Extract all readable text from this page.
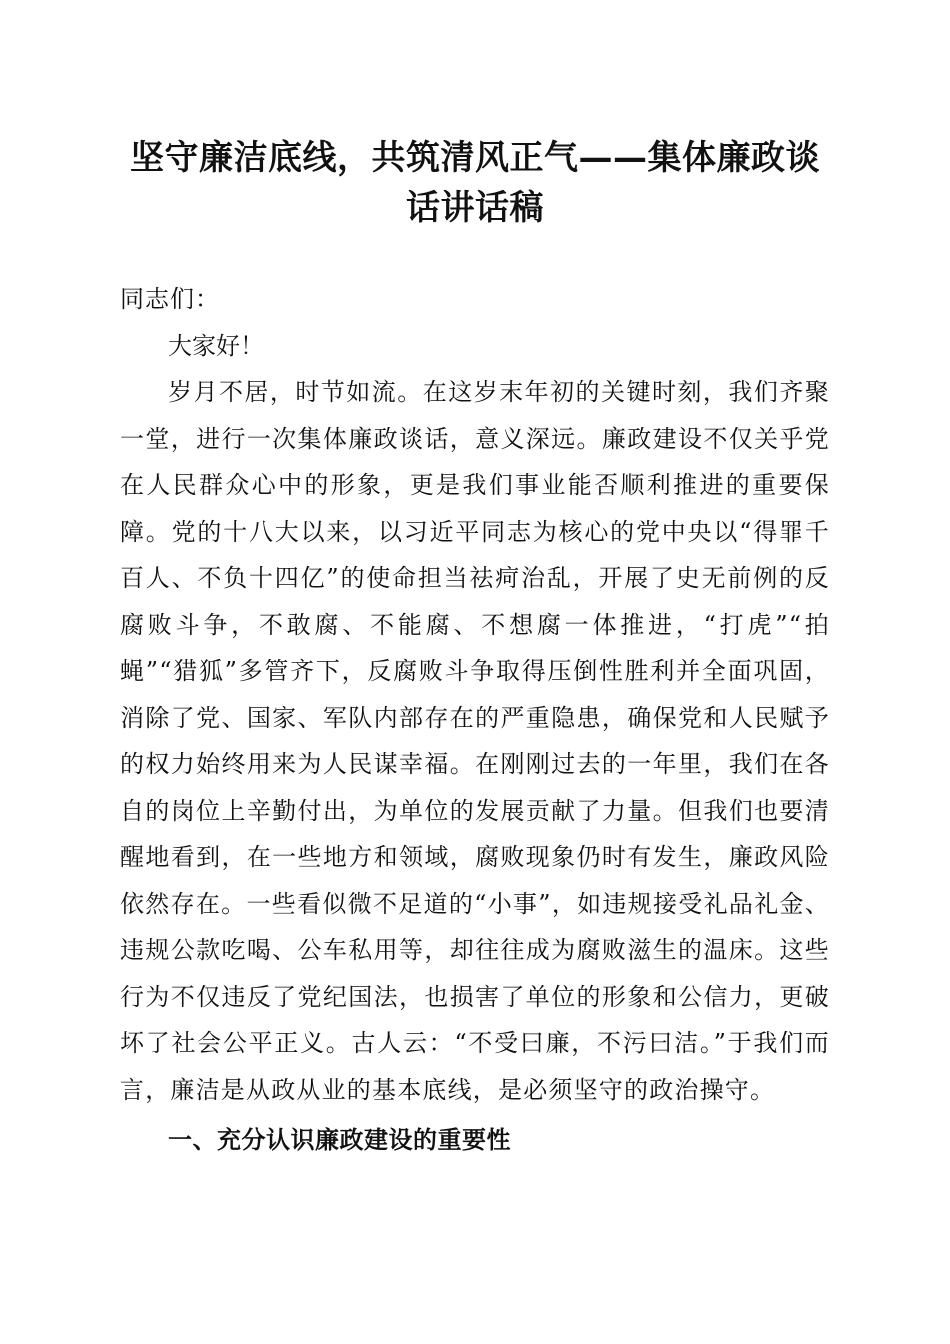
坚守廉洁底线，共筑清风正气——集体廉政谈
话讲话稿

同志们：

大家好！

岁月不居，时节如流。在这岁末年初的关键时刻，我们齐聚一堂，进行一次集体廉政谈话，意义深远。廉政建设不仅关乎党在人民群众心中的形象，更是我们事业能否顺利推进的重要保障。党的十八大以来，以习近平同志为核心的党中央以“得罪千百人、不负十四亿”的使命担当祛疴治乱，开展了史无前例的反腐败斗争，不敢腐、不能腐、不想腐一体推进，“打虎”“拍蝇”“猎狐”多管齐下，反腐败斗争取得压倒性胜利并全面巩固，消除了党、国家、军队内部存在的严重隐患，确保党和人民赋予的权力始终用来为人民谋幸福。在刚刚过去的一年里，我们在各自的岗位上辛勤付出，为单位的发展贡献了力量。但我们也要清醒地看到，在一些地方和领域，腐败现象仍时有发生，廉政风险依然存在。一些看似微不足道的“小事”，如违规接受礼品礼金、违规公款吃喝、公车私用等，却往往成为腐败滋生的温床。这些行为不仅违反了党纪国法，也损害了单位的形象和公信力，更破坏了社会公平正义。古人云：“不受曰廉，不污曰洁。”于我们而言，廉洁是从政从业的基本底线，是必须坚守的政治操守。

一、充分认识廉政建设的重要性
